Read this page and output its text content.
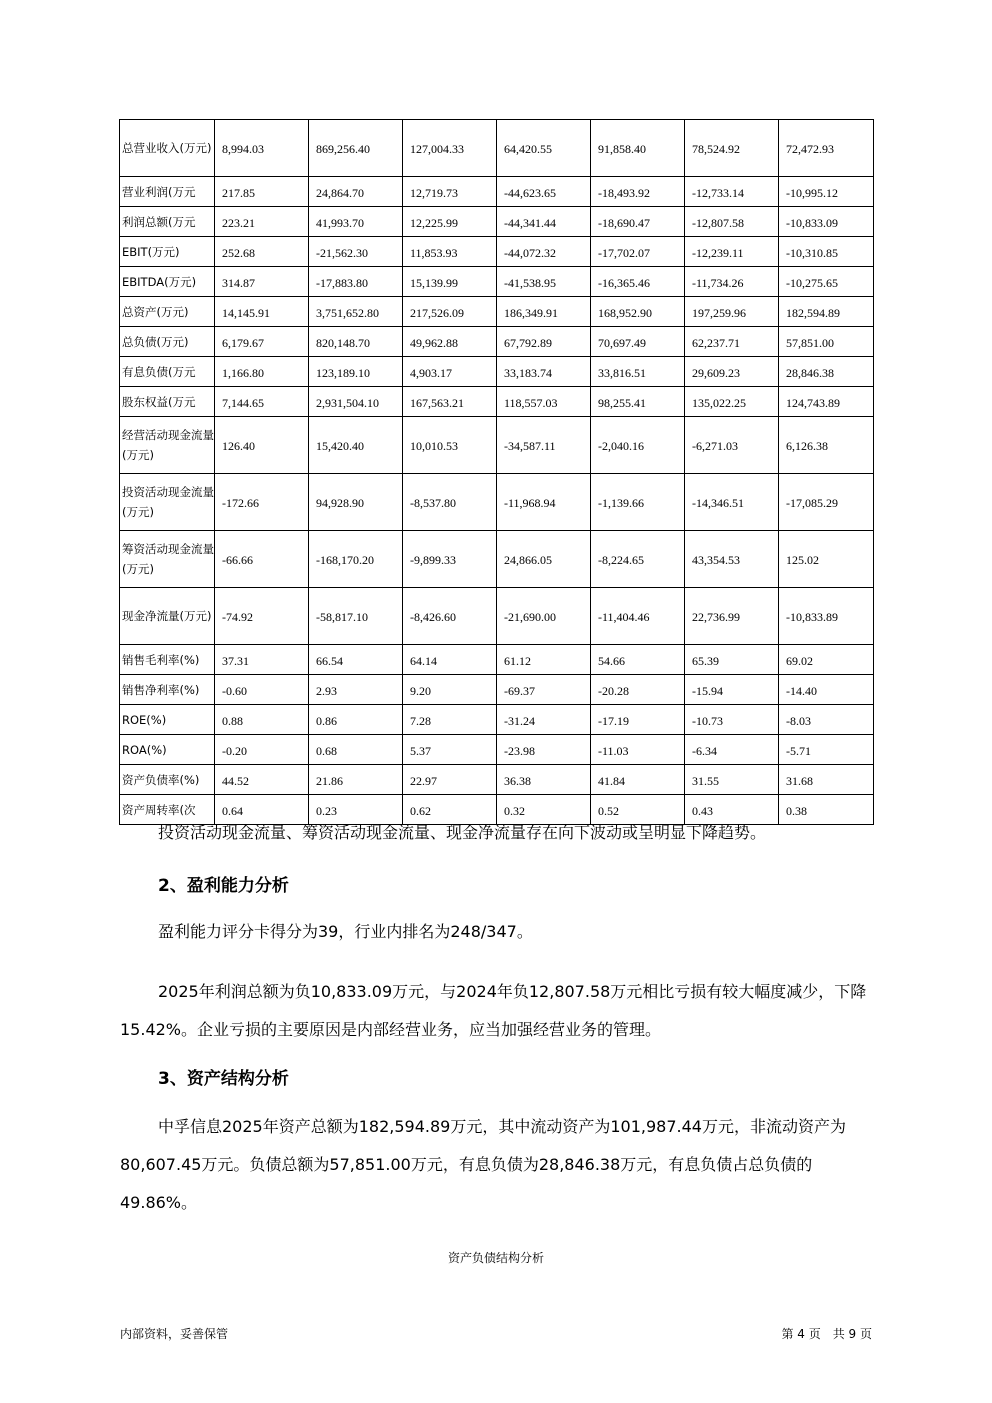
总营业收入(万元)	8,994.03	869,256.40	127,004.33	64,420.55	91,858.40	78,524.92	72,472.93
营业利润(万元	217.85	24,864.70	12,719.73	-44,623.65	-18,493.92	-12,733.14	-10,995.12
利润总额(万元	223.21	41,993.70	12,225.99	-44,341.44	-18,690.47	-12,807.58	-10,833.09
EBIT(万元)	252.68	-21,562.30	11,853.93	-44,072.32	-17,702.07	-12,239.11	-10,310.85
EBITDA(万元)	314.87	-17,883.80	15,139.99	-41,538.95	-16,365.46	-11,734.26	-10,275.65
总资产(万元)	14,145.91	3,751,652.80	217,526.09	186,349.91	168,952.90	197,259.96	182,594.89
总负债(万元)	6,179.67	820,148.70	49,962.88	67,792.89	70,697.49	62,237.71	57,851.00
有息负债(万元	1,166.80	123,189.10	4,903.17	33,183.74	33,816.51	29,609.23	28,846.38
股东权益(万元	7,144.65	2,931,504.10	167,563.21	118,557.03	98,255.41	135,022.25	124,743.89
经营活动现金流量(万元)	126.40	15,420.40	10,010.53	-34,587.11	-2,040.16	-6,271.03	6,126.38
投资活动现金流量(万元)	-172.66	94,928.90	-8,537.80	-11,968.94	-1,139.66	-14,346.51	-17,085.29
筹资活动现金流量(万元)	-66.66	-168,170.20	-9,899.33	24,866.05	-8,224.65	43,354.53	125.02
现金净流量(万元)	-74.92	-58,817.10	-8,426.60	-21,690.00	-11,404.46	22,736.99	-10,833.89
销售毛利率(%)	37.31	66.54	64.14	61.12	54.66	65.39	69.02
销售净利率(%)	-0.60	2.93	9.20	-69.37	-20.28	-15.94	-14.40
ROE(%)	0.88	0.86	7.28	-31.24	-17.19	-10.73	-8.03
ROA(%)	-0.20	0.68	5.37	-23.98	-11.03	-6.34	-5.71
资产负债率(%)	44.52	21.86	22.97	36.38	41.84	31.55	31.68
资产周转率(次	0.64	0.23	0.62	0.32	0.52	0.43	0.38
投资活动现金流量、筹资活动现金流量、现金净流量存在向下波动或呈明显下降趋势。
2、盈利能力分析
盈利能力评分卡得分为39，行业内排名为248/347。
2025年利润总额为负10,833.09万元，与2024年负12,807.58万元相比亏损有较大幅度减少，下降15.42%。企业亏损的主要原因是内部经营业务，应当加强经营业务的管理。
3、资产结构分析
中孚信息2025年资产总额为182,594.89万元，其中流动资产为101,987.44万元，非流动资产为80,607.45万元。负债总额为57,851.00万元，有息负债为28,846.38万元，有息负债占总负债的49.86%。
资产负债结构分析
内部资料，妥善保管	第 4 页　共 9 页
